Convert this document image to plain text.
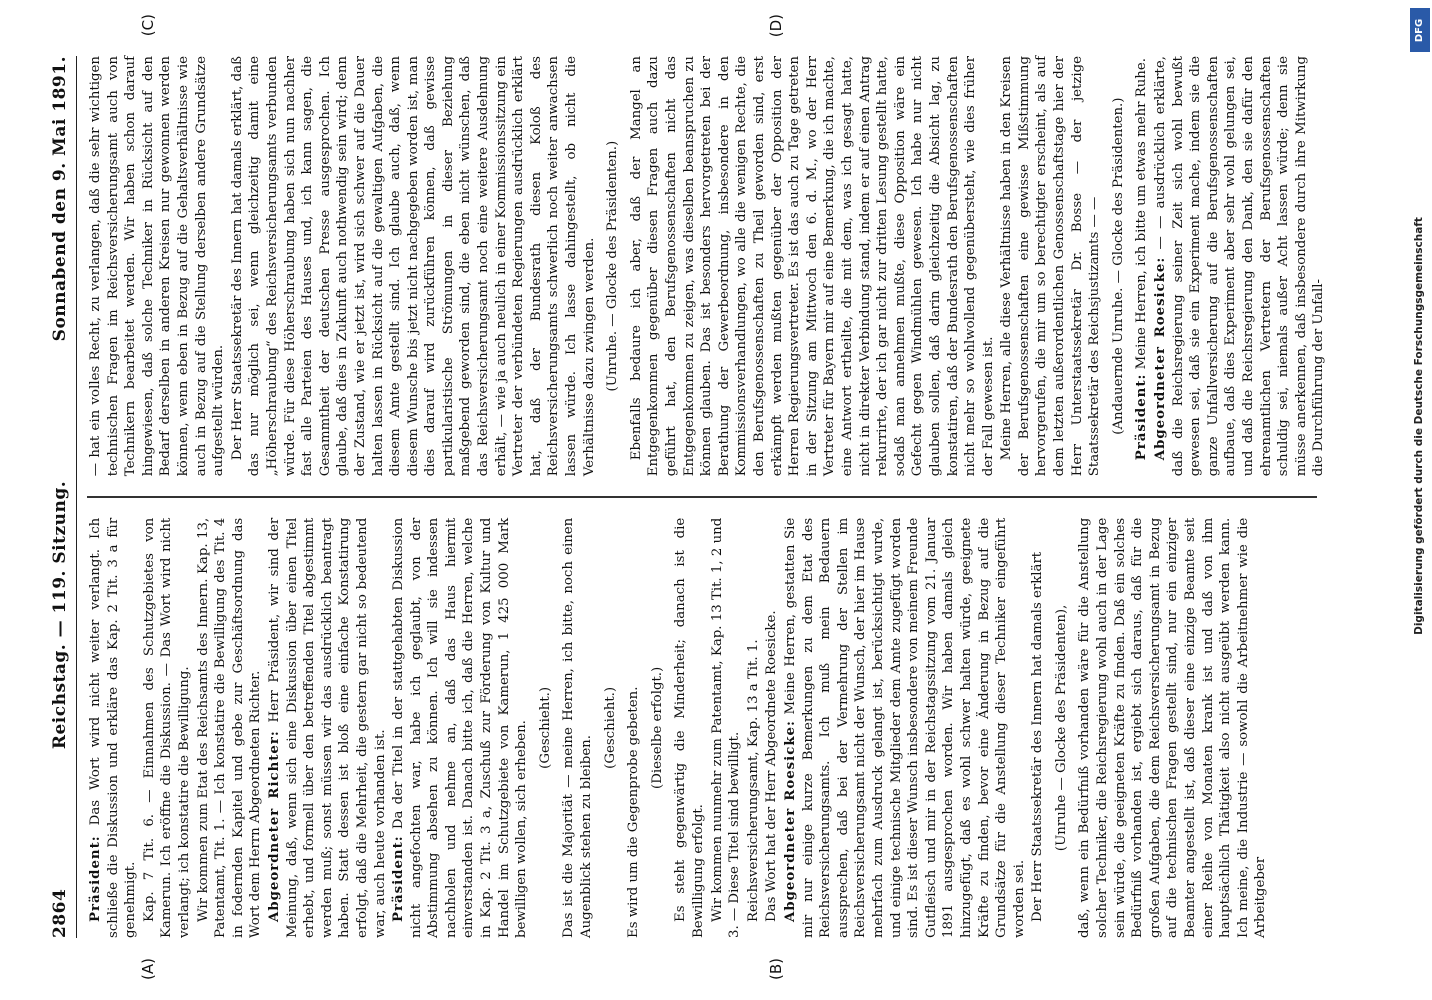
DFG
Digitalisierung gefördert durch die Deutsche Forschungsgemeinschaft
2864
Reichstag. — 119. Sitzung.
Sonnabend den 9. Mai 1891.
(A)	(B)
(C)	(D)

Präsident: Das Wort wird nicht weiter verlangt. Ich schließe die Diskussion und erkläre das Kap. 2 Tit. 3 a für genehmigt. Kap. 7 Tit. 6. — Einnahmen des Schutzgebietes von Kamerun. Ich eröffne die Diskussion. — Das Wort wird nicht verlangt; ich konstatire die Bewilligung. Wir kommen zum Etat des Reichsamts des Innern. Kap. 13, Patentamt, Tit. 1. — Ich konstatire die Bewilligung des Tit. 4 in fodernden Kapitel und gebe zur Geschäftsordnung das Wort dem Herrn Abgeordneten Richter. Abgeordneter Richter: Herr Präsident, wir sind der Meinung, daß, wenn sich eine Diskussion über einen Titel erhebt, und formell über den betreffenden Titel abgestimmt werden muß; sonst müssen wir das ausdrücklich beantragt haben. Statt dessen ist bloß eine einfache Konstatirung erfolgt, daß die Mehrheit, die gestern gar nicht so bedeutend war, auch heute vorhanden ist. Präsident: Da der Titel in der stattgehabten Diskussion nicht angefochten war, habe ich geglaubt, von der Abstimmung absehen zu können. Ich will sie indessen nachholen und nehme an, daß das Haus hiermit einverstanden ist. Danach bitte ich, daß die Herren, welche in Kap. 2 Tit. 3 a, Zuschuß zur Förderung von Kultur und Handel im Schutzgebiete von Kamerun, 1 425 000 Mark bewilligen wollen, sich erheben. (Geschieht.) Das ist die Majorität — meine Herren, ich bitte, noch einen Augenblick stehen zu bleiben.

(Geschieht.) Es wird um die Gegenprobe gebeten. (Dieselbe erfolgt.) Es steht gegenwärtig die Minderheit; danach ist die Bewilligung erfolgt. Wir kommen nunmehr zum Patentamt, Kap. 13 Tit. 1, 2 und 3. — Diese Titel sind bewilligt. Reichsversicherungsamt, Kap. 13 a Tit. 1. Das Wort hat der Herr Abgeordnete Roesicke. Abgeordneter Roesicke: Meine Herren, gestatten Sie mir nur einige kurze Bemerkungen zu dem Etat des Reichsversicherungsamts. Ich muß mein Bedauern aussprechen, daß bei der Vermehrung der Stellen im Reichsversicherungsamt nicht der Wunsch, der hier im Hause mehrfach zum Ausdruck gelangt ist, berücksichtigt wurde, und einige technische Mitglieder dem Amte zugefügt worden sind. Es ist dieser Wunsch insbesondere von meinem Freunde Gutfleisch und mir in der Reichstagssitzung vom 21. Januar 1891 ausgesprochen worden. Wir haben damals gleich hinzugefügt, daß es wohl schwer halten würde, geeignete Kräfte zu finden, bevor eine Änderung in Bezug auf die Grundsätze für die Anstellung dieser Techniker eingeführt worden sei. Der Herr Staatssekretär des Innern hat damals erklärt (Unruhe — Glocke des Präsidenten), daß, wenn ein Bedürfniß vorhanden wäre für die Anstellung solcher Techniker, die Reichsregierung wohl auch in der Lage sein würde, die geeigneten Kräfte zu finden. Daß ein solches Bedürfniß vorhanden ist, ergiebt sich daraus, daß für die großen Aufgaben, die dem Reichsversicherungsamt in Bezug auf die technischen Fragen gestellt sind, nur ein einziger Beamter angestellt ist, daß dieser eine einzige Beamte seit einer Reihe von Monaten krank ist und daß von ihm hauptsächlich Thätigkeit also nicht ausgeübt werden kann. Ich meine, die Industrie — sowohl die Arbeitnehmer wie die Arbeitgeber

— hat ein volles Recht, zu verlangen, daß die sehr wichtigen technischen Fragen im Reichsversicherungsamt auch von Technikern bearbeitet werden. Wir haben schon darauf hingewiesen, daß solche Techniker in Rücksicht auf den Bedarf derselben in anderen Kreisen nur gewonnen werden können, wenn eben in Bezug auf die Gehaltsverhältnisse wie auch in Bezug auf die Stellung derselben andere Grundsätze aufgestellt würden. Der Herr Staatssekretär des Innern hat damals erklärt, daß das nur möglich sei, wenn gleichzeitig damit eine „Höherschraubung“ des Reichsversicherungsamts verbunden würde. Für diese Höherschraubung haben sich nun nachher fast alle Parteien des Hauses und, ich kann sagen, die Gesammtheit der deutschen Presse ausgesprochen. Ich glaube, daß dies in Zukunft auch nothwendig sein wird; denn der Zustand, wie er jetzt ist, wird sich schwer auf die Dauer halten lassen in Rücksicht auf die gewaltigen Aufgaben, die diesem Amte gestellt sind. Ich glaube auch, daß, wenn diesem Wunsche bis jetzt nicht nachgegeben worden ist, man dies darauf wird zurückführen können, daß gewisse partikularistische Strömungen in dieser Beziehung maßgebend geworden sind, die eben nicht wünschen, daß das Reichsversicherungsamt noch eine weitere Ausdehnung erhält, — wie ja auch neulich in einer Kommissionssitzung ein Vertreter der verbündeten Regierungen ausdrücklich erklärt hat, daß der Bundesrath diesen Koloß des Reichsversicherungsamts schwerlich noch weiter anwachsen lassen würde. Ich lasse dahingestellt, ob nicht die Verhältnisse dazu zwingen werden. (Unruhe. — Glocke des Präsidenten.) Ebenfalls bedaure ich aber, daß der Mangel an Entgegenkommen gegenüber diesen Fragen auch dazu geführt hat, den Berufsgenossenschaften nicht das Entgegenkommen zu zeigen, was dieselben beanspruchen zu können glauben. Das ist besonders hervorgetreten bei der Berathung der Gewerbeordnung, insbesondere in den Kommissionsverhandlungen, wo alle die wenigen Rechte, die den Berufsgenossenschaften zu Theil geworden sind, erst erkämpft werden mußten gegenüber der Opposition der Herren Regierungsvertreter. Es ist das auch zu Tage getreten in der Sitzung am Mittwoch den 6. d. M., wo der Herr Vertreter für Bayern mir auf eine Bemerkung, die ich machte, eine Antwort ertheilte, die mit dem, was ich gesagt hatte, nicht in direkter Verbindung stand, indem er auf einen Antrag rekurrirte, der ich gar nicht zur dritten Lesung gestellt hatte, sodaß man annehmen mußte, diese Opposition wäre ein Gefecht gegen Windmühlen gewesen. Ich habe nur nicht glauben sollen, daß darin gleichzeitig die Absicht lag, zu konstatiren, daß der Bundesrath den Berufsgenossenschaften nicht mehr so wohlwollend gegenübersteht, wie dies früher der Fall gewesen ist. Meine Herren, alle diese Verhältnisse haben in den Kreisen der Berufsgenossenschaften eine gewisse Mißstimmung hervorgerufen, die mir um so berechtigter erscheint, als auf dem letzten außerordentlichen Genossenschaftstage hier der Herr Unterstaatssekretär Dr. Bosse — der jetzige Staatssekretär des Reichsjustizamts — — (Andauernde Unruhe. — Glocke des Präsidenten.) Präsident: Meine Herren, ich bitte um etwas mehr Ruhe. Abgeordneter Roesicke: — — ausdrücklich erklärte, daß die Reichsregierung seiner Zeit sich wohl bewußt gewesen sei, daß sie ein Experiment mache, indem sie die ganze Unfallversicherung auf die Berufsgenossenschaften aufbaue, daß dies Experiment aber sehr wohl gelungen sei, und daß die Reichsregierung den Dank, den sie dafür den ehrenamtlichen Vertretern der Berufsgenossenschaften schuldig sei, niemals außer Acht lassen würde; denn sie müsse anerkennen, daß insbesondere durch ihre Mitwirkung die Durchführung der Unfall-
